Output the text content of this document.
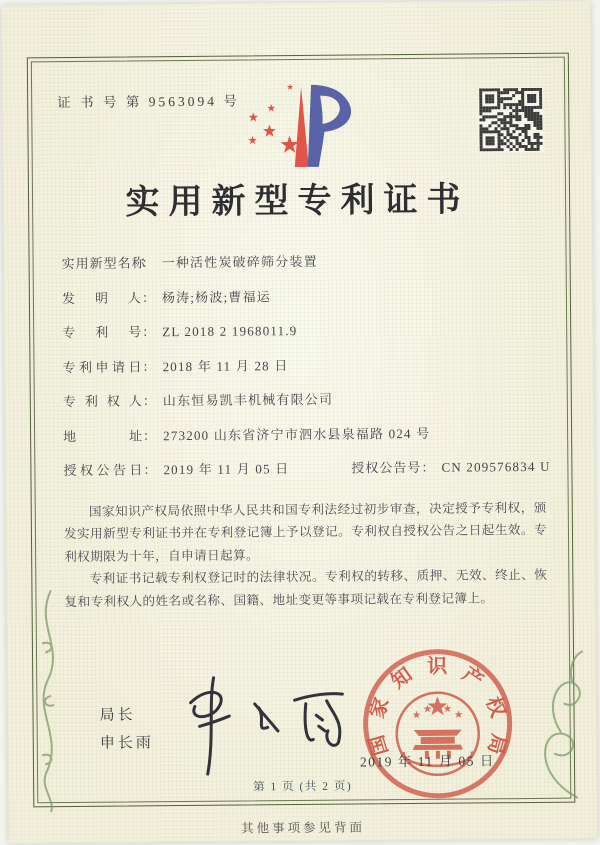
证 书 号 第 9563094 号
实用新型专利证书
实用新型名称： 一种活性炭破碎筛分装置
发明人： 杨涛;杨波;曹福运
专利号： ZL 2018 2 1968011.9
专利申请日： 2018 年 11 月 28 日
专利权人： 山东恒易凯丰机械有限公司
地址： 273200 山东省济宁市泗水县泉福路 024 号
授权公告日： 2019 年 11 月 05 日	授权公告号： CN 209576834 U

国家知识产权局依照中华人民共和国专利法经过初步审查，决定授予专利权，颁发实用新型专利证书并在专利登记簿上予以登记。专利权自授权公告之日起生效。专利权期限为十年，自申请日起算。

专利证书记载专利权登记时的法律状况。专利权的转移、质押、无效、终止、恢复和专利权人的姓名或名称、国籍、地址变更等事项记载在专利登记簿上。

局长
申长雨	国
家
知 识 产
权
局
2019 年 11 月 05 日
第 1 页 (共 2 页)
其他事项参见背面
